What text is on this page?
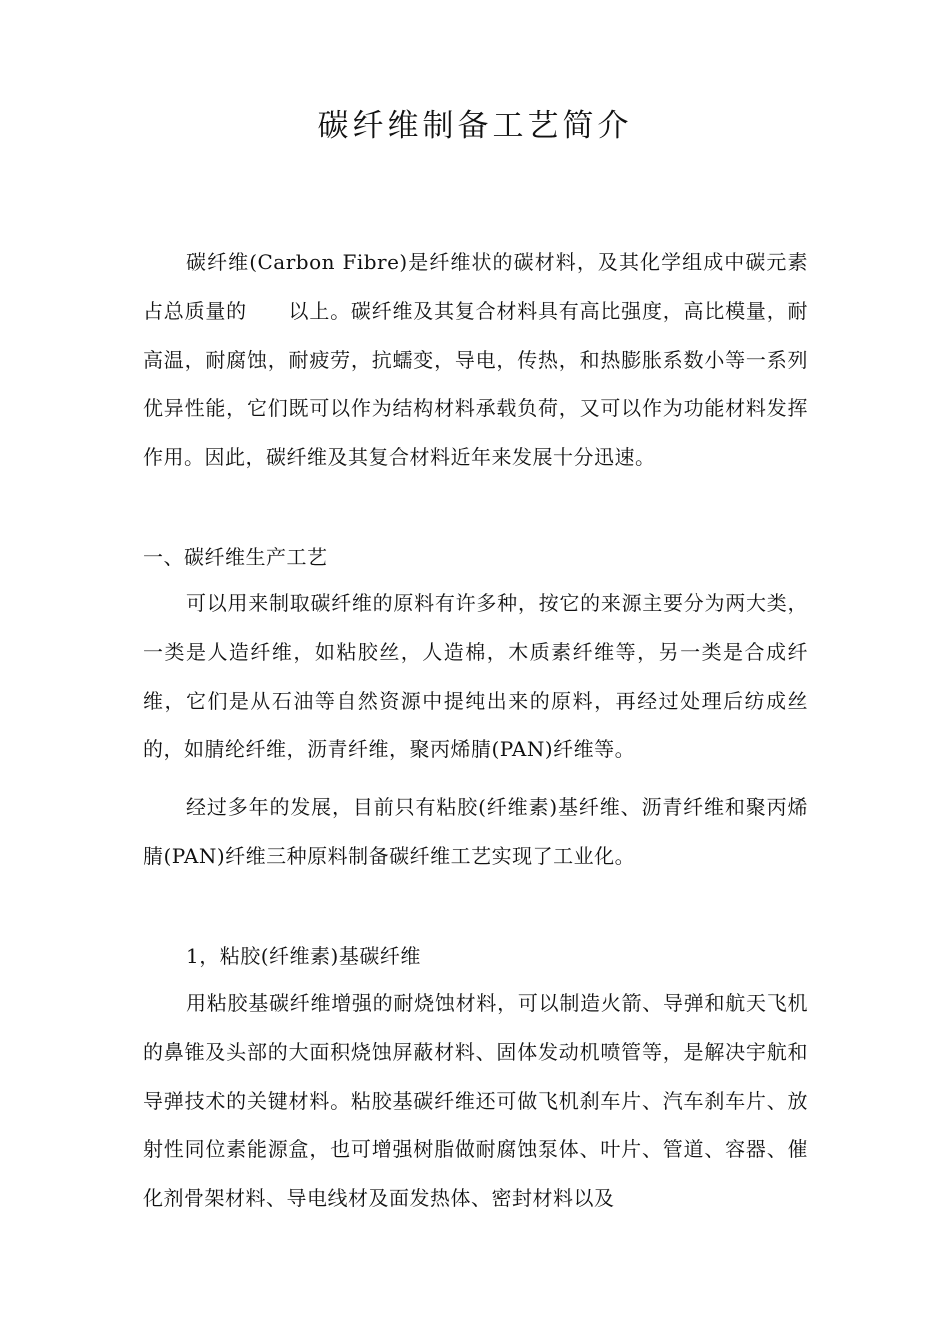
碳纤维制备工艺简介

碳纤维(Carbon Fibre)是纤维状的碳材料，及其化学组成中碳元素占总质量的　　以上。碳纤维及其复合材料具有高比强度，高比模量，耐高温，耐腐蚀，耐疲劳，抗蠕变，导电，传热，和热膨胀系数小等一系列优异性能，它们既可以作为结构材料承载负荷，又可以作为功能材料发挥作用。因此，碳纤维及其复合材料近年来发展十分迅速。

一、碳纤维生产工艺

可以用来制取碳纤维的原料有许多种，按它的来源主要分为两大类，一类是人造纤维，如粘胶丝，人造棉，木质素纤维等，另一类是合成纤维，它们是从石油等自然资源中提纯出来的原料，再经过处理后纺成丝的，如腈纶纤维，沥青纤维，聚丙烯腈(PAN)纤维等。

经过多年的发展，目前只有粘胶(纤维素)基纤维、沥青纤维和聚丙烯腈(PAN)纤维三种原料制备碳纤维工艺实现了工业化。

1，粘胶(纤维素)基碳纤维

用粘胶基碳纤维增强的耐烧蚀材料，可以制造火箭、导弹和航天飞机的鼻锥及头部的大面积烧蚀屏蔽材料、固体发动机喷管等，是解决宇航和导弹技术的关键材料。粘胶基碳纤维还可做飞机刹车片、汽车刹车片、放射性同位素能源盒，也可增强树脂做耐腐蚀泵体、叶片、管道、容器、催化剂骨架材料、导电线材及面发热体、密封材料以及
